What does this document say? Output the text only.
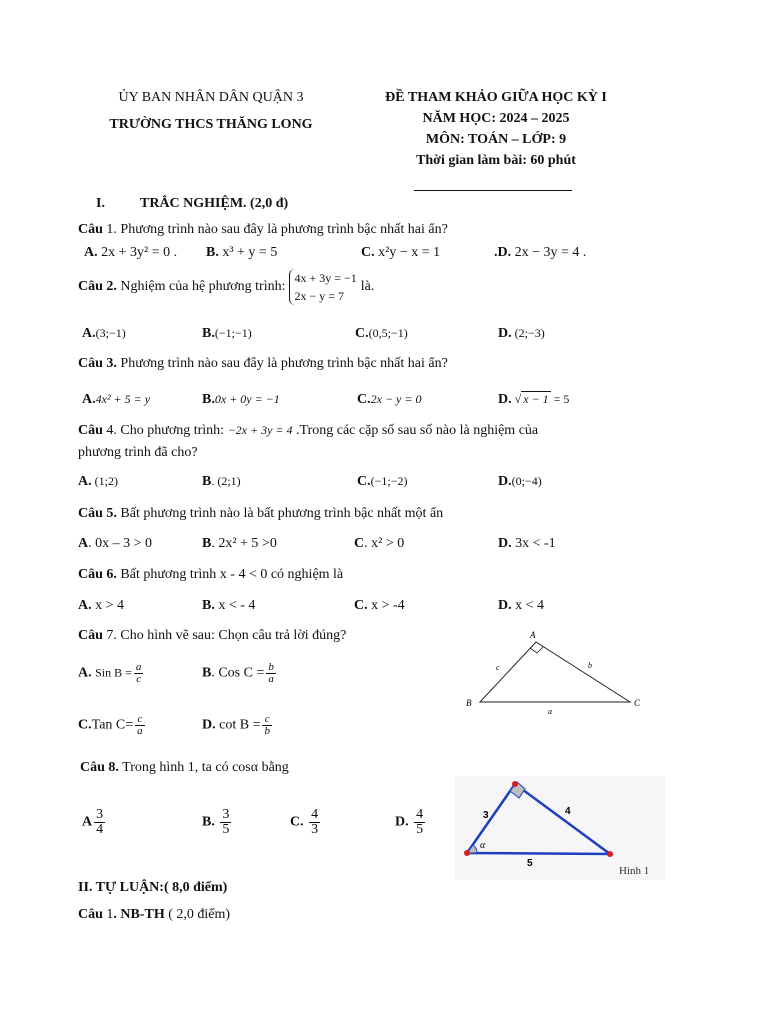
ỦY BAN NHÂN DÂN QUẬN 3
TRƯỜNG THCS THĂNG LONG
ĐỀ THAM KHẢO GIỮA HỌC KỲ I
NĂM HỌC: 2024 – 2025
MÔN: TOÁN – LỚP: 9
Thời gian làm bài: 60 phút
I.	TRẮC NGHIỆM. (2,0 đ)
Câu 1. Phương trình nào sau đây là phương trình bậc nhất hai ẩn?
A. 2x + 3y² = 0 . B. x³ + y = 5	C. x²y − x = 1	.D. 2x − 3y = 4 .
Câu 2. Nghiệm của hệ phương trình:
4x + 3y = −1
2x − y = 7
là.
A.(3;−1)	B.(−1;−1)	C.(0,5;−1)	D. (2;−3)
Câu 3. Phương trình nào sau đây là phương trình bậc nhất hai ẩn?
A.4x² + 5 = y	B.0x + 0y = −1	C.2x − y = 0	D. √ x − 1 = 5
Câu 4. Cho phương trình: −2x + 3y = 4 .Trong các cặp số sau số nào là nghiệm của
phương trình đã cho?
A. (1;2)	B. (2;1)	C.(−1;−2)	D.(0;−4)
Câu 5. Bất phương trình nào là bất phương trình bậc nhất một ẩn
A. 0x – 3 > 0	B. 2x² + 5 >0	C. x² > 0	D. 3x < -1
Câu 6. Bất phương trình x - 4 < 0 có nghiệm là
A. x > 4	B. x < - 4	C. x > -4	D. x < 4
Câu 7. Cho hình vẽ sau: Chọn câu trả lời đúng?
A. Sin $B = \frac{a}{c}$	B. Cos $C = \frac{b}{a}$
C.Tan $C= \frac{c}{a}$	D. $\cot B = \frac{c}{b}$
A
B	C
c	b
a
Câu 8. Trong hình 1, ta có cosα bằng
A $\frac{3}{4}$	B. $\frac{3}{5}$	C. $\frac{4}{3}$	D. $\frac{4}{5}$	3	4
5
α
Hình 1
II. TỰ LUẬN:( 8,0 điểm)
Câu 1. NB-TH ( 2,0 điểm)
